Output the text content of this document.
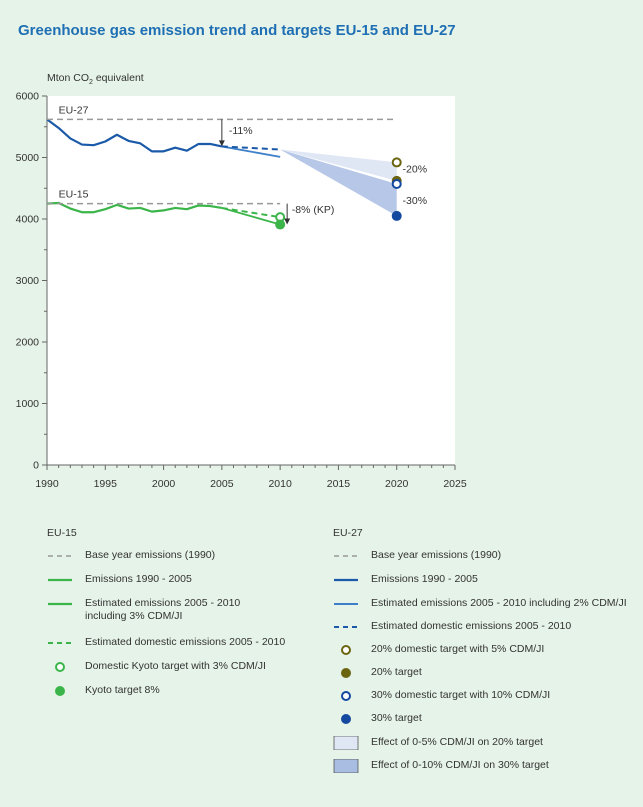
Greenhouse gas emission trend and targets EU-15 and EU-27
Mton $CO_2$ equivalent
0
1000
2000
3000
4000
5000
6000
1990	1995	2000	2005	2010	2015	2020	2025
EU-27
EU-15
-11%
-8% (KP)
-20%
-30%
EU-15	EU-27
Base year emissions (1990)
Emissions 1990 - 2005
Estimated emissions 2005 - 2010
including 3% CDM/JI
Estimated domestic emissions 2005 - 2010
Domestic Kyoto target with 3% CDM/JI
Kyoto target 8%
Base year emissions (1990)
Emissions 1990 - 2005
Estimated emissions 2005 - 2010 including 2% CDM/JI
Estimated domestic emissions 2005 - 2010
20% domestic target with 5% CDM/JI
20% target
30% domestic target with 10% CDM/JI
30% target
Effect of 0-5% CDM/JI on 20% target
Effect of 0-10% CDM/JI on 30% target
